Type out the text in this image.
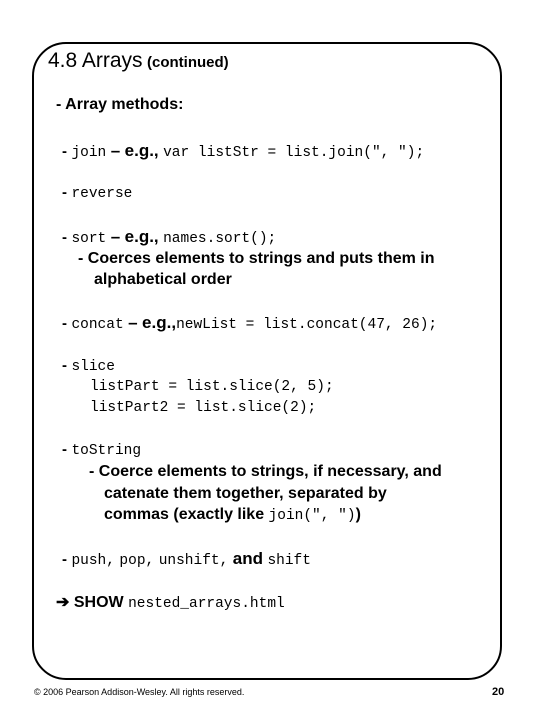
4.8 Arrays (continued)
- Array methods:
- join – e.g., var listStr = list.join(", ");
- reverse
- sort – e.g., names.sort();
- Coerces elements to strings and puts them in
alphabetical order
- concat – e.g.,newList = list.concat(47, 26);
- slice
listPart = list.slice(2, 5);
listPart2 = list.slice(2);
- toString
- Coerce elements to strings, if necessary, and
catenate them together, separated by
commas (exactly like join(", "))
- push, pop, unshift, and shift
➔ SHOW nested_arrays.html
© 2006 Pearson Addison-Wesley. All rights reserved.	20
